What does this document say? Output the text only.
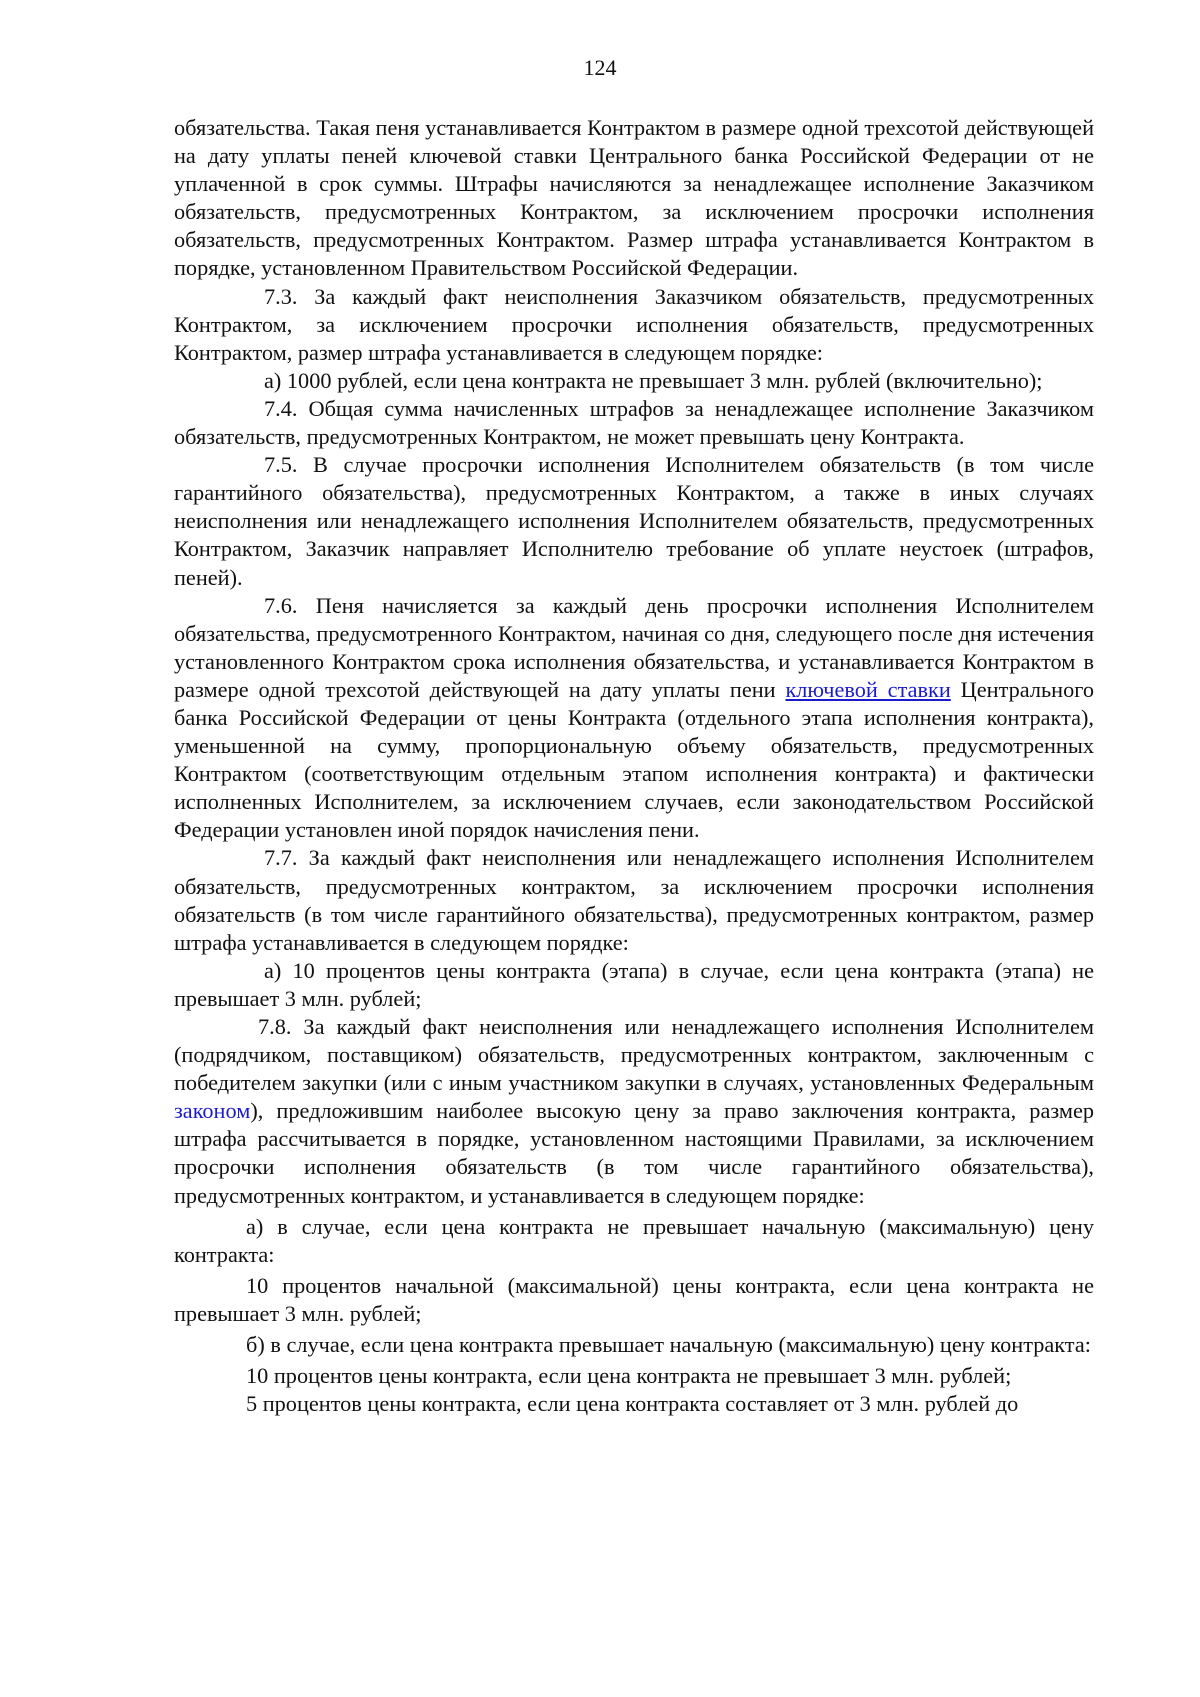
124

обязательства. Такая пеня устанавливается Контрактом в размере одной трехсотой действующей на дату уплаты пеней ключевой ставки Центрального банка Российской Федерации от не уплаченной в срок суммы. Штрафы начисляются за ненадлежащее исполнение Заказчиком обязательств, предусмотренных Контрактом, за исключением просрочки исполнения обязательств, предусмотренных Контрактом. Размер штрафа устанавливается Контрактом в порядке, установленном Правительством Российской Федерации.

7.3. За каждый факт неисполнения Заказчиком обязательств, предусмотренных Контрактом, за исключением просрочки исполнения обязательств, предусмотренных Контрактом, размер штрафа устанавливается в следующем порядке:

а) 1000 рублей, если цена контракта не превышает 3 млн. рублей (включительно);

7.4. Общая сумма начисленных штрафов за ненадлежащее исполнение Заказчиком обязательств, предусмотренных Контрактом, не может превышать цену Контракта.

7.5. В случае просрочки исполнения Исполнителем обязательств (в том числе гарантийного обязательства), предусмотренных Контрактом, а также в иных случаях неисполнения или ненадлежащего исполнения Исполнителем обязательств, предусмотренных Контрактом, Заказчик направляет Исполнителю требование об уплате неустоек (штрафов, пеней).

7.6. Пеня начисляется за каждый день просрочки исполнения Исполнителем обязательства, предусмотренного Контрактом, начиная со дня, следующего после дня истечения установленного Контрактом срока исполнения обязательства, и устанавливается Контрактом в размере одной трехсотой действующей на дату уплаты пени ключевой ставки Центрального банка Российской Федерации от цены Контракта (отдельного этапа исполнения контракта), уменьшенной на сумму, пропорциональную объему обязательств, предусмотренных Контрактом (соответствующим отдельным этапом исполнения контракта) и фактически исполненных Исполнителем, за исключением случаев, если законодательством Российской Федерации установлен иной порядок начисления пени.

7.7. За каждый факт неисполнения или ненадлежащего исполнения Исполнителем обязательств, предусмотренных контрактом, за исключением просрочки исполнения обязательств (в том числе гарантийного обязательства), предусмотренных контрактом, размер штрафа устанавливается в следующем порядке:

а) 10 процентов цены контракта (этапа) в случае, если цена контракта (этапа) не превышает 3 млн. рублей;

7.8. За каждый факт неисполнения или ненадлежащего исполнения Исполнителем (подрядчиком, поставщиком) обязательств, предусмотренных контрактом, заключенным с победителем закупки (или с иным участником закупки в случаях, установленных Федеральным законом), предложившим наиболее высокую цену за право заключения контракта, размер штрафа рассчитывается в порядке, установленном настоящими Правилами, за исключением просрочки исполнения обязательств (в том числе гарантийного обязательства), предусмотренных контрактом, и устанавливается в следующем порядке:

а) в случае, если цена контракта не превышает начальную (максимальную) цену контракта:

10 процентов начальной (максимальной) цены контракта, если цена контракта не превышает 3 млн. рублей;

б) в случае, если цена контракта превышает начальную (максимальную) цену контракта:

10 процентов цены контракта, если цена контракта не превышает 3 млн. рублей;

5 процентов цены контракта, если цена контракта составляет от 3 млн. рублей до
